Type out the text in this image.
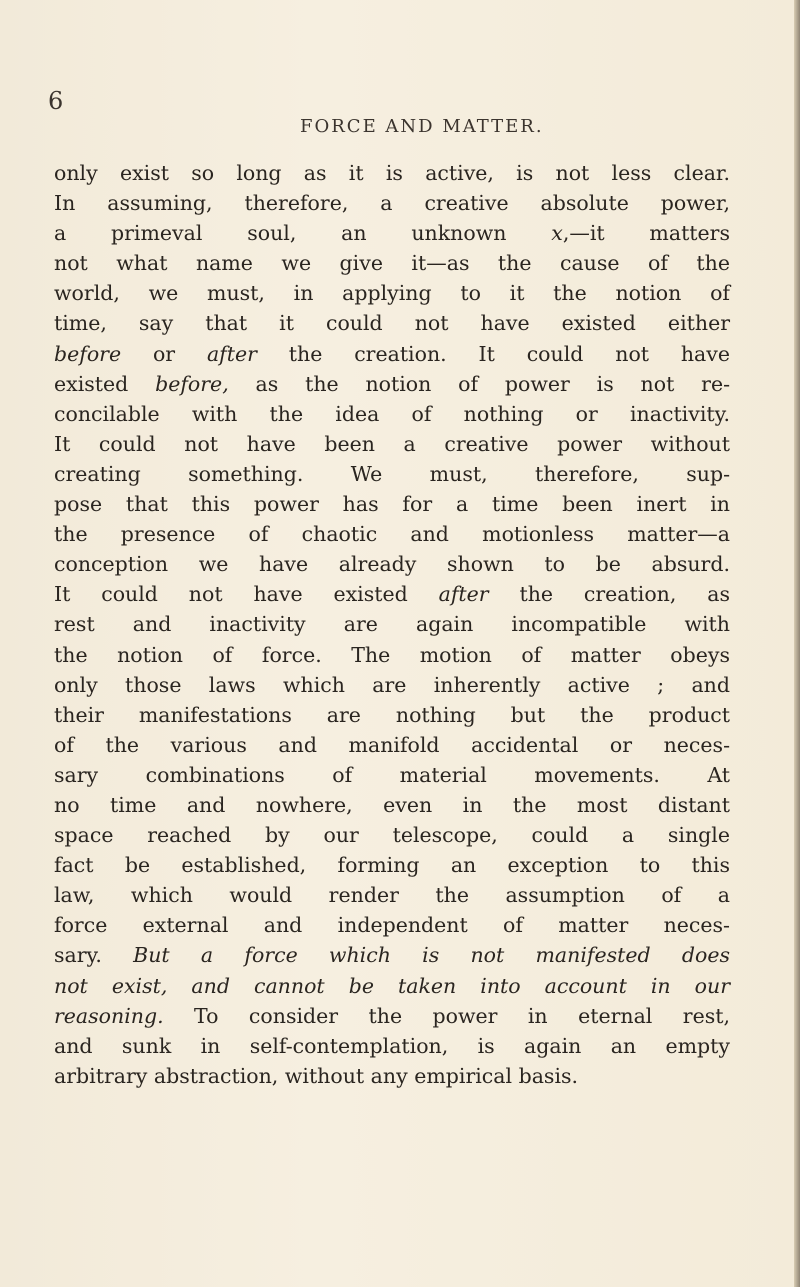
6
FORCE AND MATTER.
only exist so long as it is active, is not less clear.
In assuming, therefore, a creative absolute power,
a primeval soul, an unknown x,—it matters
not what name we give it—as the cause of the
world, we must, in applying to it the notion of
time, say that it could not have existed either
before or after the creation. It could not have
existed before, as the notion of power is not re-
concilable with the idea of nothing or inactivity.
It could not have been a creative power without
creating something. We must, therefore, sup-
pose that this power has for a time been inert in
the presence of chaotic and motionless matter—a
conception we have already shown to be absurd.
It could not have existed after the creation, as
rest and inactivity are again incompatible with
the notion of force. The motion of matter obeys
only those laws which are inherently active ; and
their manifestations are nothing but the product
of the various and manifold accidental or neces-
sary combinations of material movements. At
no time and nowhere, even in the most distant
space reached by our telescope, could a single
fact be established, forming an exception to this
law, which would render the assumption of a
force external and independent of matter neces-
sary. But a force which is not manifested does
not exist, and cannot be taken into account in our
reasoning. To consider the power in eternal rest,
and sunk in self-contemplation, is again an empty
arbitrary abstraction, without any empirical basis.
